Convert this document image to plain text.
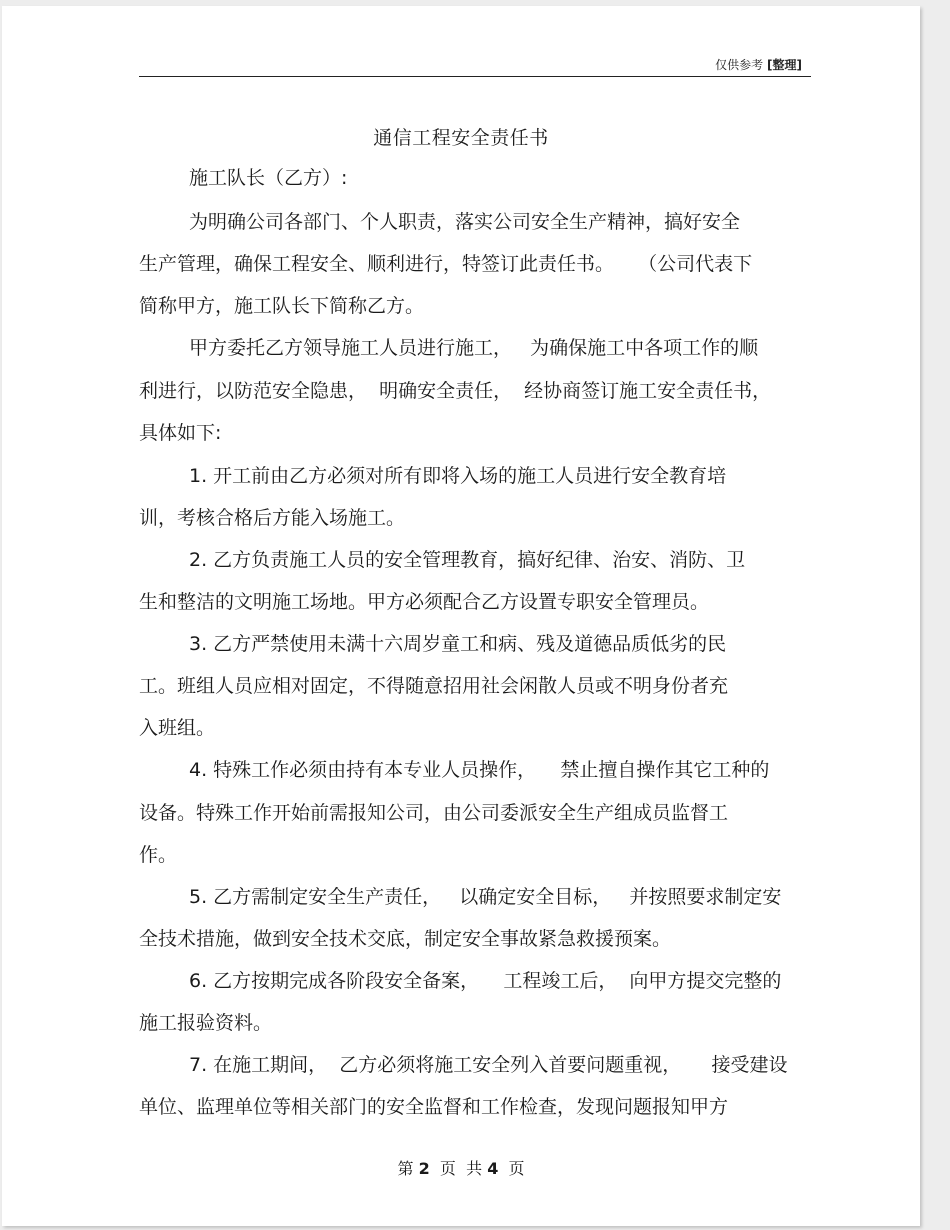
仅供参考 [整理]
通信工程安全责任书
施工队长（乙方）:
为明确公司各部门、个人职责，落实公司安全生产精神，搞好安全
生产管理，确保工程安全、顺利进行，特签订此责任书。    （公司代表下
简称甲方，施工队长下简称乙方。
甲方委托乙方领导施工人员进行施工，   为确保施工中各项工作的顺
利进行，以防范安全隐患，  明确安全责任，  经协商签订施工安全责任书，
具体如下:
1. 开工前由乙方必须对所有即将入场的施工人员进行安全教育培
训，考核合格后方能入场施工。
2. 乙方负责施工人员的安全管理教育，搞好纪律、治安、消防、卫
生和整洁的文明施工场地。甲方必须配合乙方设置专职安全管理员。
3. 乙方严禁使用未满十六周岁童工和病、残及道德品质低劣的民
工。班组人员应相对固定，不得随意招用社会闲散人员或不明身份者充
入班组。
4. 特殊工作必须由持有本专业人员操作，    禁止擅自操作其它工种的
设备。特殊工作开始前需报知公司，由公司委派安全生产组成员监督工
作。
5. 乙方需制定安全生产责任，   以确定安全目标，   并按照要求制定安
全技术措施，做到安全技术交底，制定安全事故紧急救援预案。
6. 乙方按期完成各阶段安全备案，    工程竣工后，  向甲方提交完整的
施工报验资料。
7. 在施工期间，  乙方必须将施工安全列入首要问题重视，     接受建设
单位、监理单位等相关部门的安全监督和工作检查，发现问题报知甲方
第 2 页  共 4 页
